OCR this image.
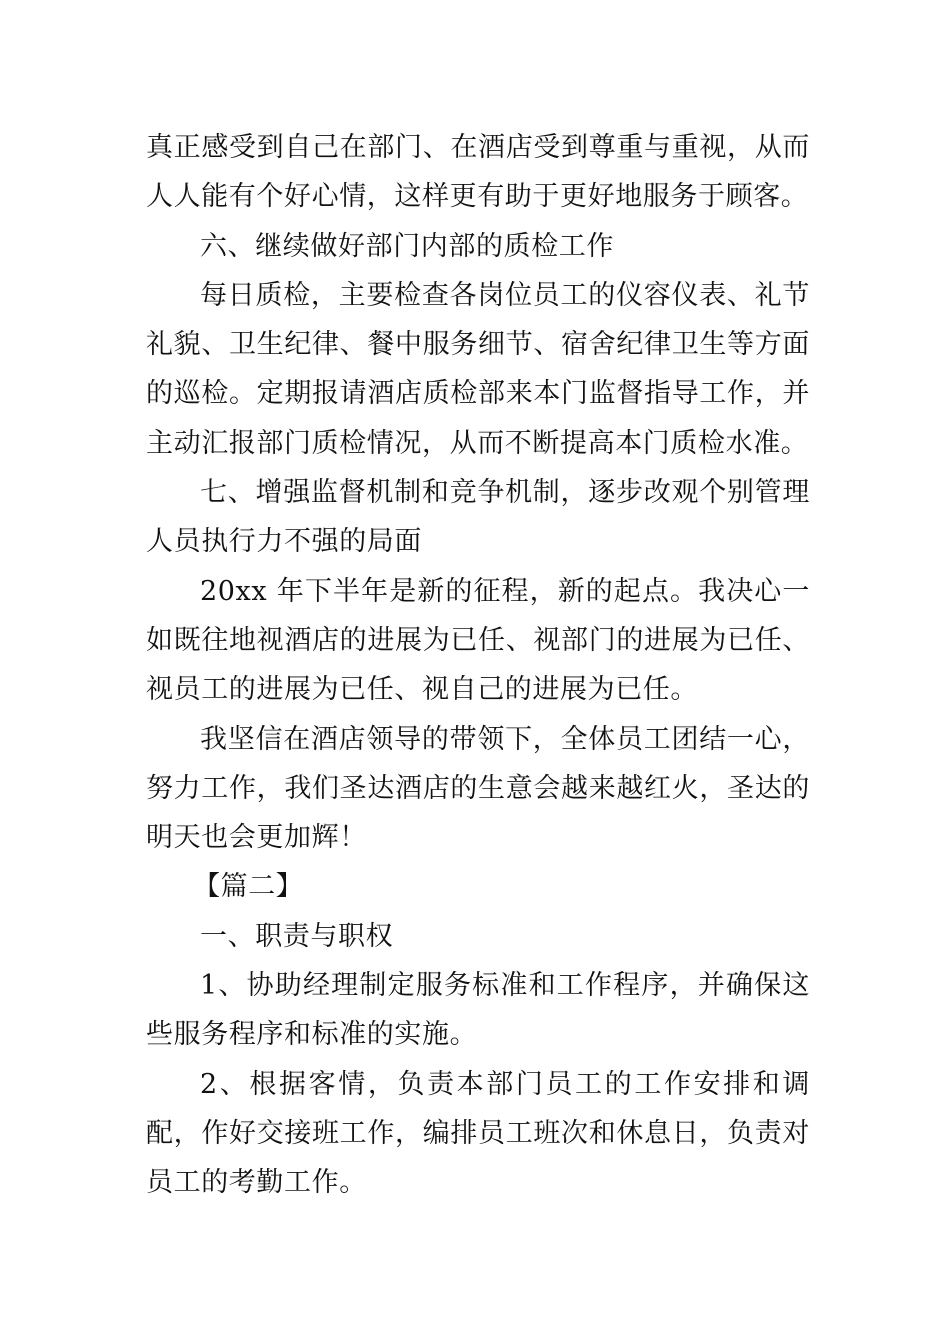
真正感受到自己在部门、在酒店受到尊重与重视，从而人人能有个好心情，这样更有助于更好地服务于顾客。

六、继续做好部门内部的质检工作

每日质检，主要检查各岗位员工的仪容仪表、礼节礼貌、卫生纪律、餐中服务细节、宿舍纪律卫生等方面的巡检。定期报请酒店质检部来本门监督指导工作，并主动汇报部门质检情况，从而不断提高本门质检水准。

七、增强监督机制和竞争机制，逐步改观个别管理人员执行力不强的局面

20xx 年下半年是新的征程，新的起点。我决心一如既往地视酒店的进展为已任、视部门的进展为已任、视员工的进展为已任、视自己的进展为已任。

我坚信在酒店领导的带领下，全体员工团结一心，努力工作，我们圣达酒店的生意会越来越红火，圣达的明天也会更加辉！

【篇二】

一、职责与职权

1、协助经理制定服务标准和工作程序，并确保这些服务程序和标准的实施。

2、根据客情，负责本部门员工的工作安排和调配，作好交接班工作，编排员工班次和休息日，负责对员工的考勤工作。
